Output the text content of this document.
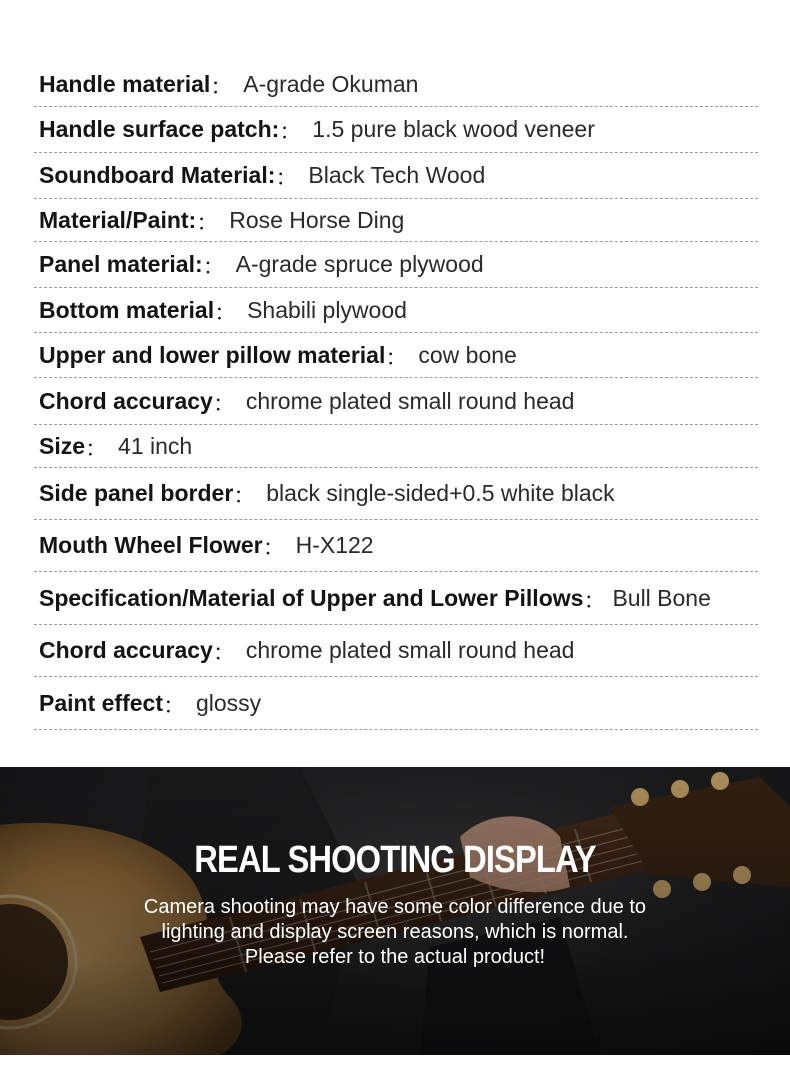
Handle material ： A-grade Okuman
Handle surface patch: ： 1.5 pure black wood veneer
Soundboard Material: ： Black Tech Wood
Material/Paint: ： Rose Horse Ding
Panel material: ： A-grade spruce plywood
Bottom material ： Shabili plywood
Upper and lower pillow material ： cow bone
Chord accuracy ： chrome plated small round head
Size ： 41 inch
Side panel border ： black single-sided+0.5 white black
Mouth Wheel Flower ： H-X122
Specification/Material of Upper and Lower Pillows ： Bull Bone
Chord accuracy ： chrome plated small round head
Paint effect ： glossy
REAL SHOOTING DISPLAY
Camera shooting may have some color difference due to
lighting and display screen reasons, which is normal.
Please refer to the actual product!
